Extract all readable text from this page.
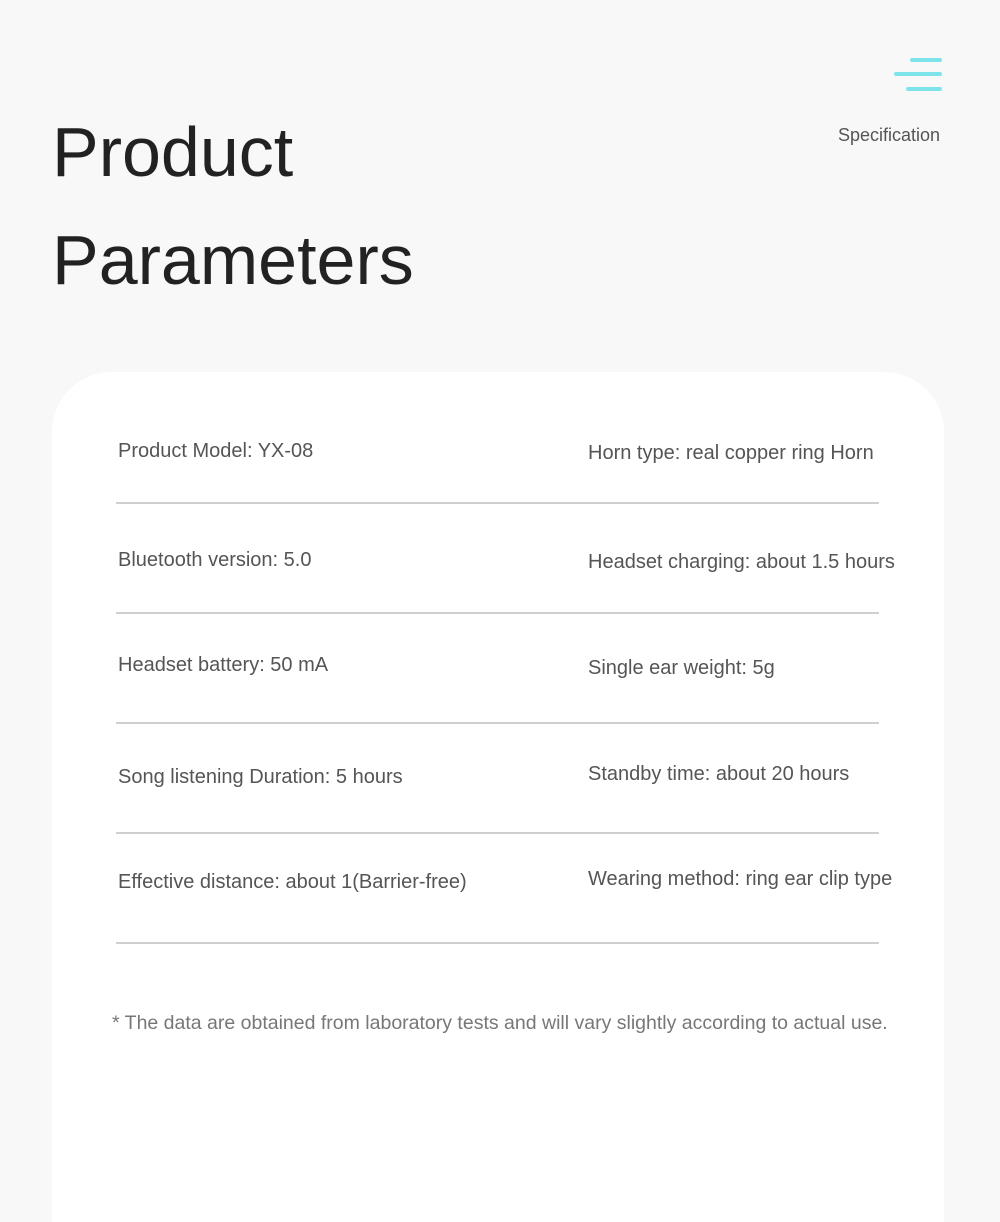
Product
Parameters
Specification
Product Model: YX-08	Horn type: real copper ring Horn
Bluetooth version: 5.0	Headset charging: about 1.5 hours
Headset battery: 50 mA	Single ear weight: 5g
Song listening Duration: 5 hours	Standby time: about 20 hours
Effective distance: about 1(Barrier-free)	Wearing method: ring ear clip type
* The data are obtained from laboratory tests and will vary slightly according to actual use.
